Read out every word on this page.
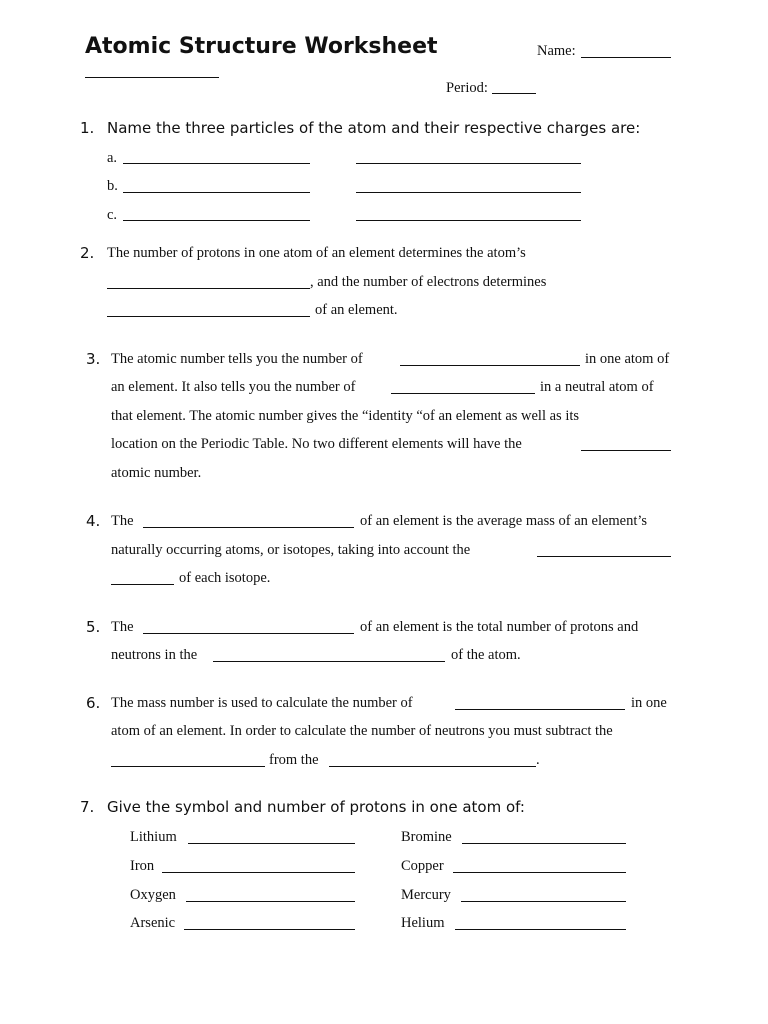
Atomic Structure Worksheet	Name:
Period:
1. Name the three particles of the atom and their respective charges are:
a.
b.
c.
2. The number of protons in one atom of an element determines the atom’s
, and the number of electrons determines
of an element.
3. The atomic number tells you the number of	in one atom of
an element. It also tells you the number of	in a neutral atom of
that element. The atomic number gives the “identity “of an element as well as its
location on the Periodic Table. No two different elements will have the
atomic number.
4. The	of an element is the average mass of an element’s
naturally occurring atoms, or isotopes, taking into account the
of each isotope.
5. The	of an element is the total number of protons and
neutrons in the	of the atom.
6. The mass number is used to calculate the number of	in one
atom of an element. In order to calculate the number of neutrons you must subtract the
from the	.
7. Give the symbol and number of protons in one atom of:
Lithium	Bromine
Iron	Copper
Oxygen	Mercury
Arsenic	Helium
